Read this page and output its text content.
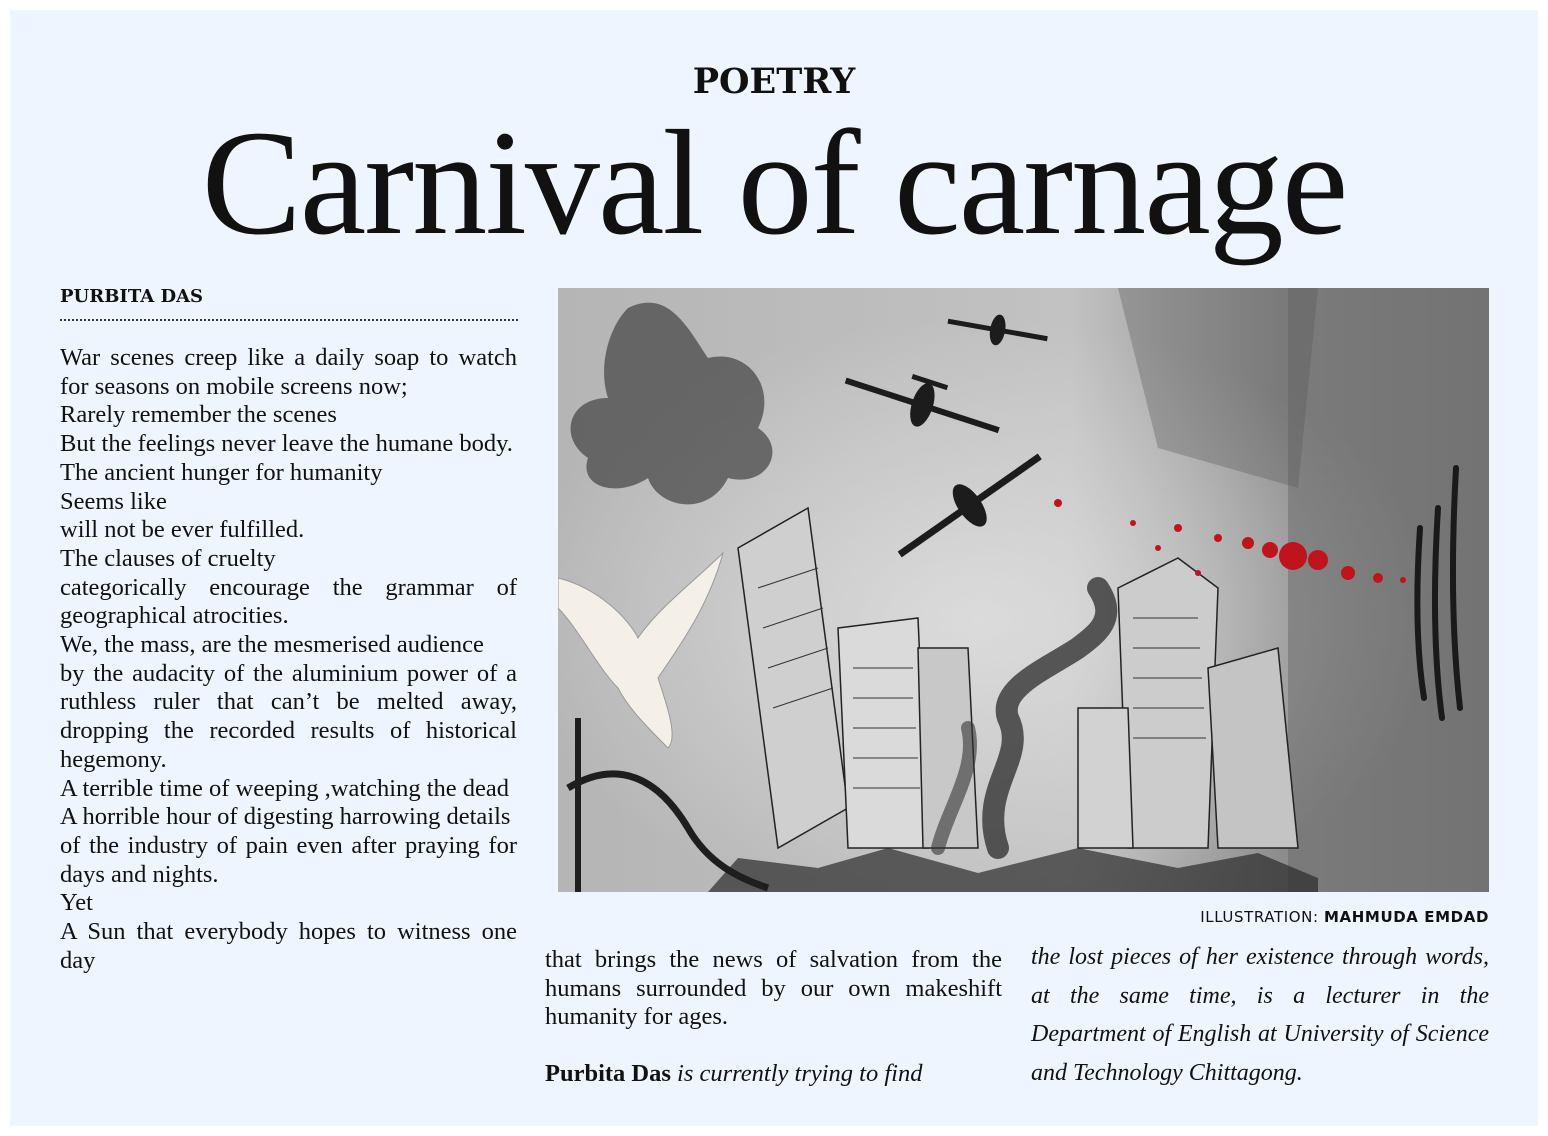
POETRY
Carnival of carnage
PURBITA DAS

War scenes creep like a daily soap to watch for seasons on mobile screens now;

Rarely remember the scenes

But the feelings never leave the humane body.

The ancient hunger for humanity

Seems like

will not be ever fulfilled.

The clauses of cruelty

categorically encourage the grammar of geographical atrocities.

We, the mass, are the mesmerised audience

by the audacity of the aluminium power of a ruthless ruler that can’t be melted away, dropping the recorded results of historical hegemony.

A terrible time of weeping ,watching the dead

A horrible hour of digesting harrowing details

of the industry of pain even after praying for days and nights.

Yet

A Sun that everybody hopes to witness one day

ILLUSTRATION: MAHMUDA EMDAD

that brings the news of salvation from the humans surrounded by our own makeshift humanity for ages.

Purbita Das is currently trying to find

the lost pieces of her existence through words, at the same time, is a lecturer in the Department of English at University of Science and Technology Chittagong.
